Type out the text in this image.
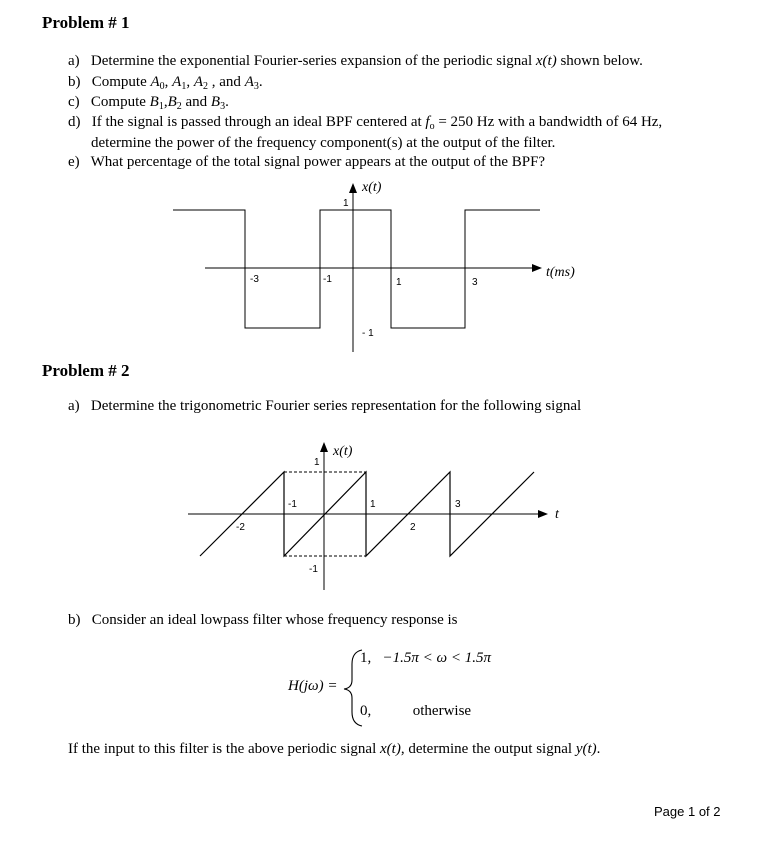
Problem # 1
a) Determine the exponential Fourier-series expansion of the periodic signal x(t) shown below.
b) Compute $A_0$, $A_1$, $A_2$ , and $A_3$.
c) Compute $B_1,B_2$ and $B_3$.
d) If the signal is passed through an ideal BPF centered at $f_o = 250$ Hz with a bandwidth of 64 Hz,
determine the power of the frequency component(s) at the output of the filter.
e) What percentage of the total signal power appears at the output of the BPF?
x(t)
t(ms)
1
- 1
-3	-1	1	3
Problem # 2
a) Determine the trigonometric Fourier series representation for the following signal
x(t)
t
1
-1
-1	1	3
-2	2
b) Consider an ideal lowpass filter whose frequency response is
H(jω) =
1, −1.5π < ω < 1.5π
0,	otherwise
If the input to this filter is the above periodic signal x(t), determine the output signal y(t).
Page 1 of 2
